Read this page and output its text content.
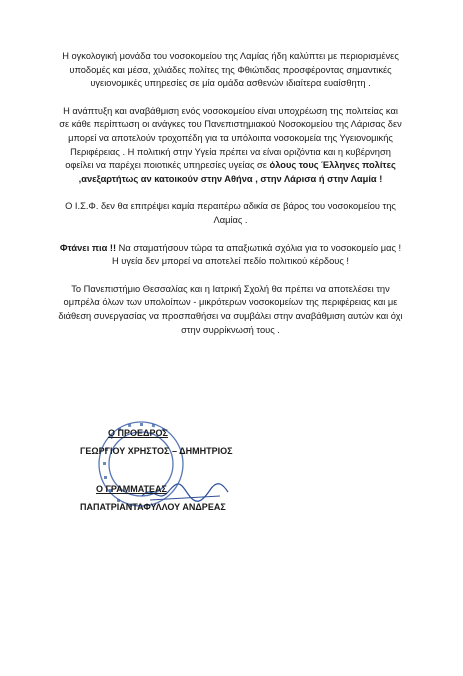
Η ογκολογική μονάδα του νοσοκομείου της Λαμίας ήδη καλύπτει με περιορισμένες υποδομές και μέσα, χιλιάδες πολίτες της Φθιώτιδας προσφέροντας σημαντικές υγειονομικές υπηρεσίες σε μία ομάδα ασθενών ιδιαίτερα ευαίσθητη .

Η ανάπτυξη και αναβάθμιση ενός νοσοκομείου είναι υποχρέωση της πολιτείας και σε κάθε περίπτωση οι ανάγκες του Πανεπιστημιακού Νοσοκομείου της Λάρισας δεν μπορεί να αποτελούν τροχοπέδη για τα υπόλοιπα νοσοκομεία της Υγειονομικής Περιφέρειας . Η πολιτική στην Υγεία πρέπει να είναι οριζόντια και η κυβέρνηση οφείλει να παρέχει ποιοτικές υπηρεσίες υγείας σε όλους τους Έλληνες πολίτες ,ανεξαρτήτως αν κατοικούν στην Αθήνα , στην Λάρισα ή στην Λαμία !

Ο Ι.Σ.Φ. δεν θα επιτρέψει καμία περαιτέρω αδικία σε βάρος του νοσοκομείου της Λαμίας .

Φτάνει πια !! Να σταματήσουν τώρα τα απαξιωτικά σχόλια για το νοσοκομείο μας ! Η υγεία δεν μπορεί να αποτελεί πεδίο πολιτικού κέρδους !

Το Πανεπιστήμιο Θεσσαλίας και η Ιατρική Σχολή θα πρέπει να αποτελέσει την ομπρέλα όλων των υπολοίπων - μικρότερων νοσοκομείων της περιφέρειας και με διάθεση συνεργασίας να προσπαθήσει να συμβάλει στην αναβάθμιση αυτών και όχι στην συρρίκνωσή τους .

Ο ΠΡΟΕΔΡΟΣ
ΓΕΩΡΓΙΟΥ ΧΡΗΣΤΟΣ – ΔΗΜΗΤΡΙΟΣ
Ο ΓΡΑΜΜΑΤΕΑΣ
ΠΑΠΑΤΡΙΑΝΤΑΦΥΛΛΟΥ ΑΝΔΡΕΑΣ
